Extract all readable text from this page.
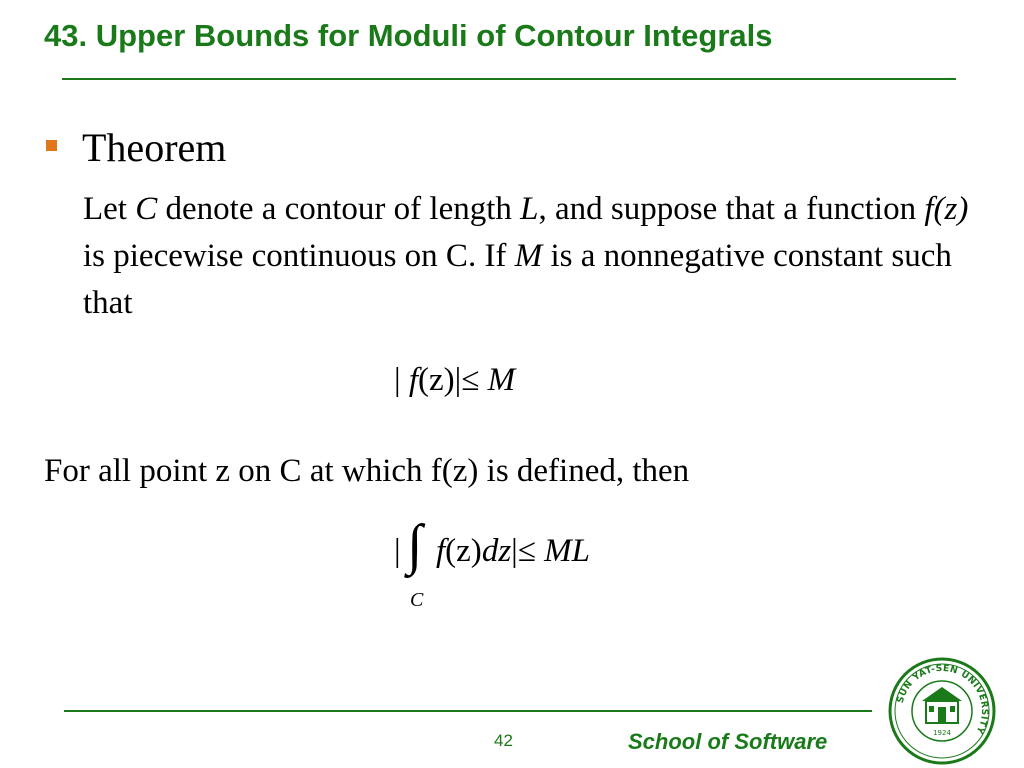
43. Upper Bounds for Moduli of Contour Integrals
Theorem
Let C denote a contour of length L, and suppose that a function f(z) is piecewise continuous on C. If M is a nonnegative constant such that
| f(z)|≤ M
For all point z on C at which f(z) is defined, then
| ∫
C
f(z)dz|≤ ML
42	School of Software
SUN YAT-SEN UNIVERSITY
1924
